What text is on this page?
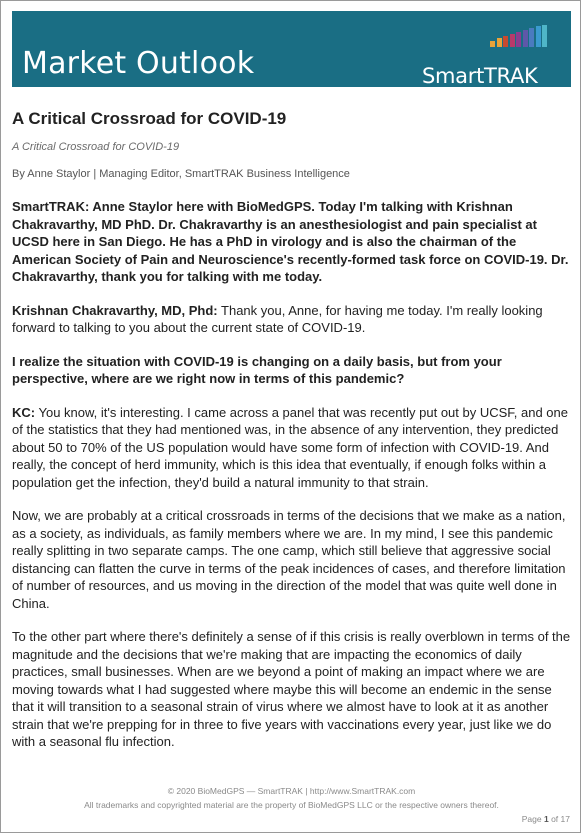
Market Outlook	SmartTRAK
A Critical Crossroad for COVID-19
A Critical Crossroad for COVID-19
By Anne Staylor | Managing Editor, SmartTRAK Business Intelligence

SmartTRAK: Anne Staylor here with BioMedGPS. Today I'm talking with Krishnan Chakravarthy, MD PhD. Dr. Chakravarthy is an anesthesiologist and pain specialist at UCSD here in San Diego. He has a PhD in virology and is also the chairman of the American Society of Pain and Neuroscience's recently-formed task force on COVID-19. Dr. Chakravarthy, thank you for talking with me today.

Krishnan Chakravarthy, MD, Phd: Thank you, Anne, for having me today. I'm really looking forward to talking to you about the current state of COVID-19.

I realize the situation with COVID-19 is changing on a daily basis, but from your perspective, where are we right now in terms of this pandemic?

KC: You know, it's interesting. I came across a panel that was recently put out by UCSF, and one of the statistics that they had mentioned was, in the absence of any intervention, they predicted about 50 to 70% of the US population would have some form of infection with COVID-19. And really, the concept of herd immunity, which is this idea that eventually, if enough folks within a population get the infection, they'd build a natural immunity to that strain.

Now, we are probably at a critical crossroads in terms of the decisions that we make as a nation, as a society, as individuals, as family members where we are. In my mind, I see this pandemic really splitting in two separate camps. The one camp, which still believe that aggressive social distancing can flatten the curve in terms of the peak incidences of cases, and therefore limitation of number of resources, and us moving in the direction of the model that was quite well done in China.

To the other part where there's definitely a sense of if this crisis is really overblown in terms of the magnitude and the decisions that we're making that are impacting the economics of daily practices, small businesses. When are we beyond a point of making an impact where we are moving towards what I had suggested where maybe this will become an endemic in the sense that it will transition to a seasonal strain of virus where we almost have to look at it as another strain that we're prepping for in three to five years with vaccinations every year, just like we do with a seasonal flu infection.

© 2020 BioMedGPS — SmartTRAK | http://www.SmartTRAK.com
All trademarks and copyrighted material are the property of BioMedGPS LLC or the respective owners thereof.
Page 1 of 17
